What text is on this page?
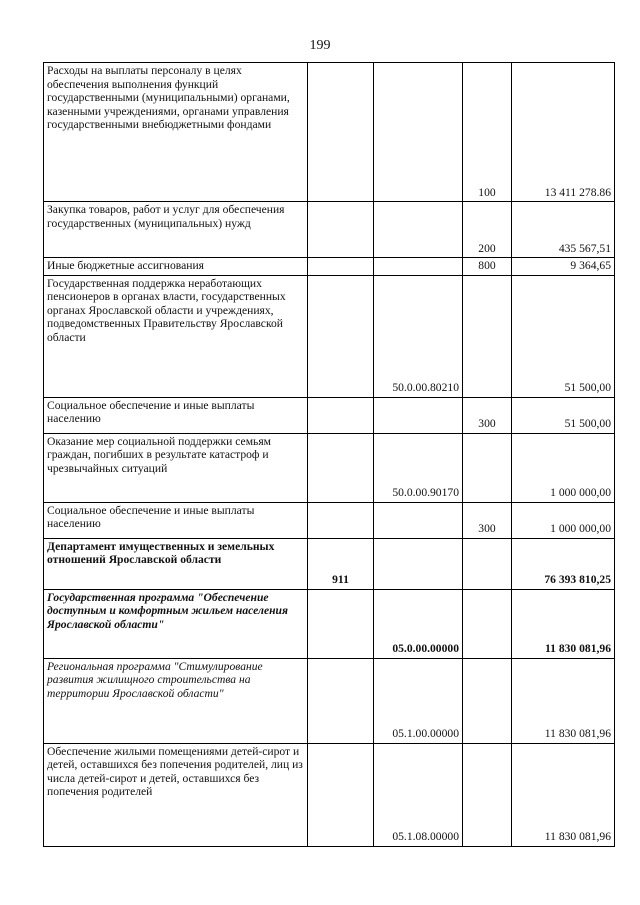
199
Расходы на выплаты персоналу в целях обеспечения выполнения функций государственными (муниципальными) органами, казенными учреждениями, органами управления государственными внебюджетными фондами			100	13 411 278.86
Закупка товаров, работ и услуг для обеспечения государственных (муниципальных) нужд			200	435 567,51
Иные бюджетные ассигнования			800	9 364,65
Государственная поддержка неработающих пенсионеров в органах власти, государственных органах Ярославской области и учреждениях, подведомственных Правительству Ярославской области		50.0.00.80210		51 500,00
Социальное обеспечение и иные выплаты населению			300	51 500,00
Оказание мер социальной поддержки семьям граждан, погибших в результате катастроф и чрезвычайных ситуаций		50.0.00.90170		1 000 000,00
Социальное обеспечение и иные выплаты населению			300	1 000 000,00
Департамент имущественных и земельных отношений Ярославской области	911			76 393 810,25
Государственная программа "Обеспечение доступным и комфортным жильем населения Ярославской области"		05.0.00.00000		11 830 081,96
Региональная программа "Стимулирование развития жилищного строительства на территории Ярославской области"		05.1.00.00000		11 830 081,96
Обеспечение жилыми помещениями детей-сирот и детей, оставшихся без попечения родителей, лиц из числа детей-сирот и детей, оставшихся без попечения родителей		05.1.08.00000		11 830 081,96
